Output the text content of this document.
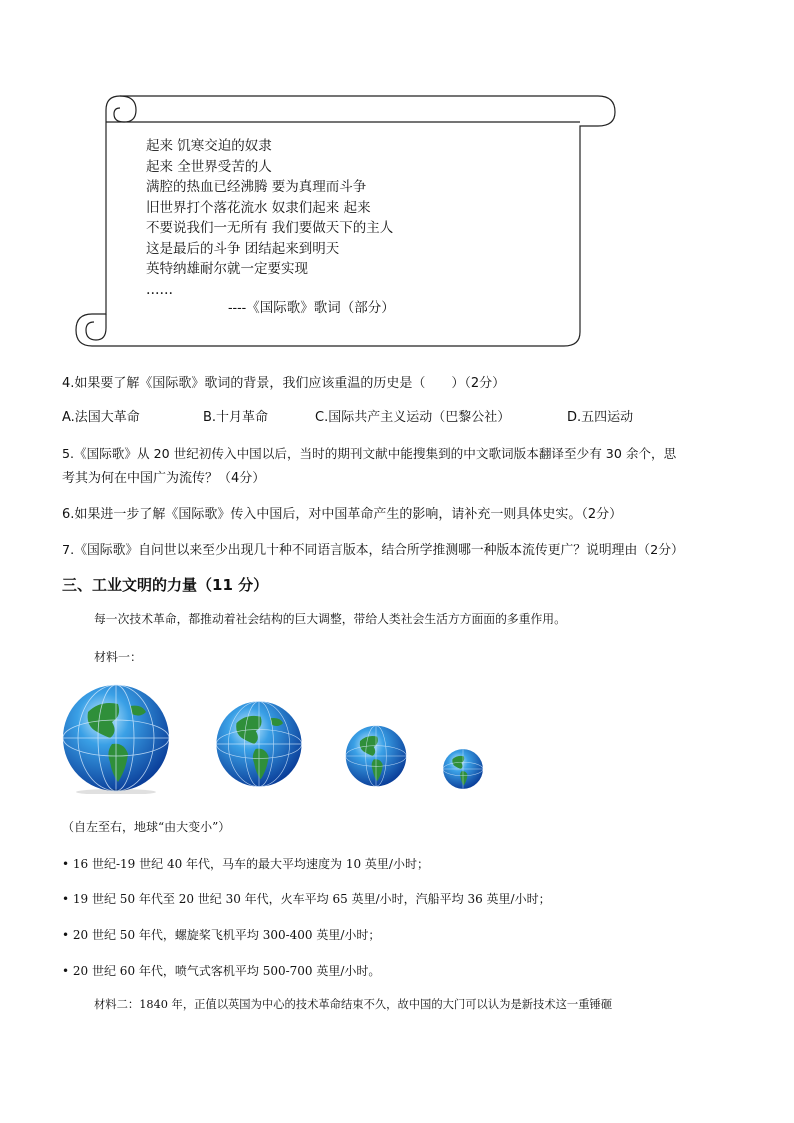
起来 饥寒交迫的奴隶
起来 全世界受苦的人
满腔的热血已经沸腾 要为真理而斗争
旧世界打个落花流水 奴隶们起来 起来
不要说我们一无所有 我们要做天下的主人
这是最后的斗争 团结起来到明天
英特纳雄耐尔就一定要实现
……
----《国际歌》歌词（部分）
4.如果要了解《国际歌》歌词的背景，我们应该重温的历史是（　　）（2分）
A.法国大革命	B.十月革命	C.国际共产主义运动（巴黎公社）	D.五四运动
5.《国际歌》从 20 世纪初传入中国以后，当时的期刊文献中能搜集到的中文歌词版本翻译至少有 30 余个，思
考其为何在中国广为流传？（4分）
6.如果进一步了解《国际歌》传入中国后，对中国革命产生的影响，请补充一则具体史实。（2分）
7.《国际歌》自问世以来至少出现几十种不同语言版本，结合所学推测哪一种版本流传更广？说明理由（2分）
三、工业文明的力量（11 分）
每一次技术革命，都推动着社会结构的巨大调整，带给人类社会生活方方面面的多重作用。
材料一：
（自左至右，地球“由大变小”）
• 16 世纪-19 世纪 40 年代，马车的最大平均速度为 10 英里/小时；
• 19 世纪 50 年代至 20 世纪 30 年代，火车平均 65 英里/小时，汽船平均 36 英里/小时；
• 20 世纪 50 年代，螺旋桨飞机平均 300-400 英里/小时；
• 20 世纪 60 年代，喷气式客机平均 500-700 英里/小时。
材料二：1840 年，正值以英国为中心的技术革命结束不久，故中国的大门可以认为是新技术这一重锤砸
